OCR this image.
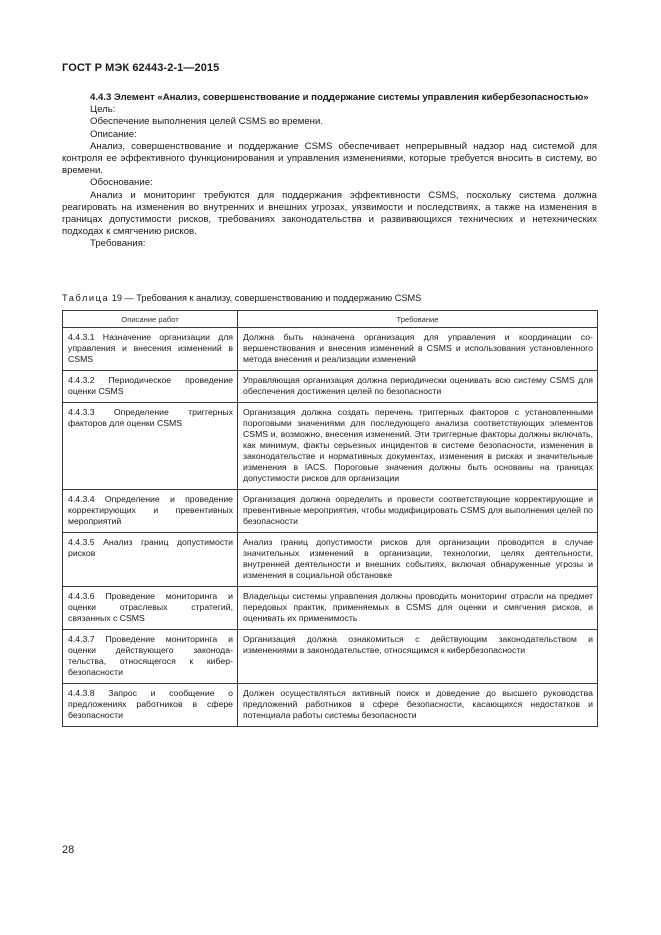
ГОСТ Р МЭК 62443-2-1—2015

4.4.3 Элемент «Анализ, совершенствование и поддержание системы управления кибербезопасностью»

Цель:

Обеспечение выполнения целей CSMS во времени.

Описание:

Анализ, совершенствование и поддержание CSMS обеспечивает непрерывный надзор над системой для контроля ее эффективного функционирования и управления изменениями, которые требуется вносить в систему, во времени.

Обоснование:

Анализ и мониторинг требуются для поддержания эффективности CSMS, поскольку система должна реагировать на изменения во внутренних и внешних угрозах, уязвимости и последствиях, а также на изменения в границах допустимости рисков, требованиях законодательства и развивающихся технических и нетехнических подходах к смягчению рисков.

Требования:

Таблица 19 — Требования к анализу, совершенствованию и поддержанию CSMS
Описание работ	Требование
4.4.3.1 Назначение организации для управления и внесения изменений в CSMS	Должна быть назначена организация для управления и координации совершенствования и внесения изменений в CSMS и использования установленного метода внесения и реализации изменений
4.4.3.2 Периодическое проведение оценки CSMS	Управляющая организация должна периодически оценивать всю систему CSMS для обеспечения достижения целей по безопасности
4.4.3.3 Определение триггерных факторов для оценки CSMS	Организация должна создать перечень триггерных факторов с установленными пороговыми значениями для последующего анализа соответствующих элементов CSMS и, возможно, внесения изменений. Эти триггерные факторы должны включать, как минимум, факты серьезных инцидентов в системе безопасности, изменения в законодательстве и нормативных документах, изменения в рисках и значительные изменения в IACS. Пороговые значения должны быть основаны на границах допустимости рисков для организации
4.4.3.4 Определение и проведение корректирующих и превентивных мероприятий	Организация должна определить и провести соответствующие корректирующие и превентивные мероприятия, чтобы модифицировать CSMS для выполнения целей по безопасности
4.4.3.5 Анализ границ допустимости рисков	Анализ границ допустимости рисков для организации проводится в случае значительных изменений в организации, технологии, целях деятельности, внутренней деятельности и внешних событиях, включая обнаруженные угрозы и изменения в социальной обстановке
4.4.3.6 Проведение мониторинга и оценки отраслевых стратегий, связанных с CSMS	Владельцы системы управления должны проводить мониторинг отрасли на предмет передовых практик, применяемых в CSMS для оценки и смягчения рисков, и оценивать их применимость
4.4.3.7 Проведение мониторинга и оценки действующего законодательства, относящегося к кибербезопасности	Организация должна ознакомиться с действующим законодательством и изменениями в законодательстве, относящимся к кибербезопасности
4.4.3.8 Запрос и сообщение о предложениях работников в сфере безопасности	Должен осуществляться активный поиск и доведение до высшего руководства предложений работников в сфере безопасности, касающихся недостатков и потенциала работы системы безопасности
28
